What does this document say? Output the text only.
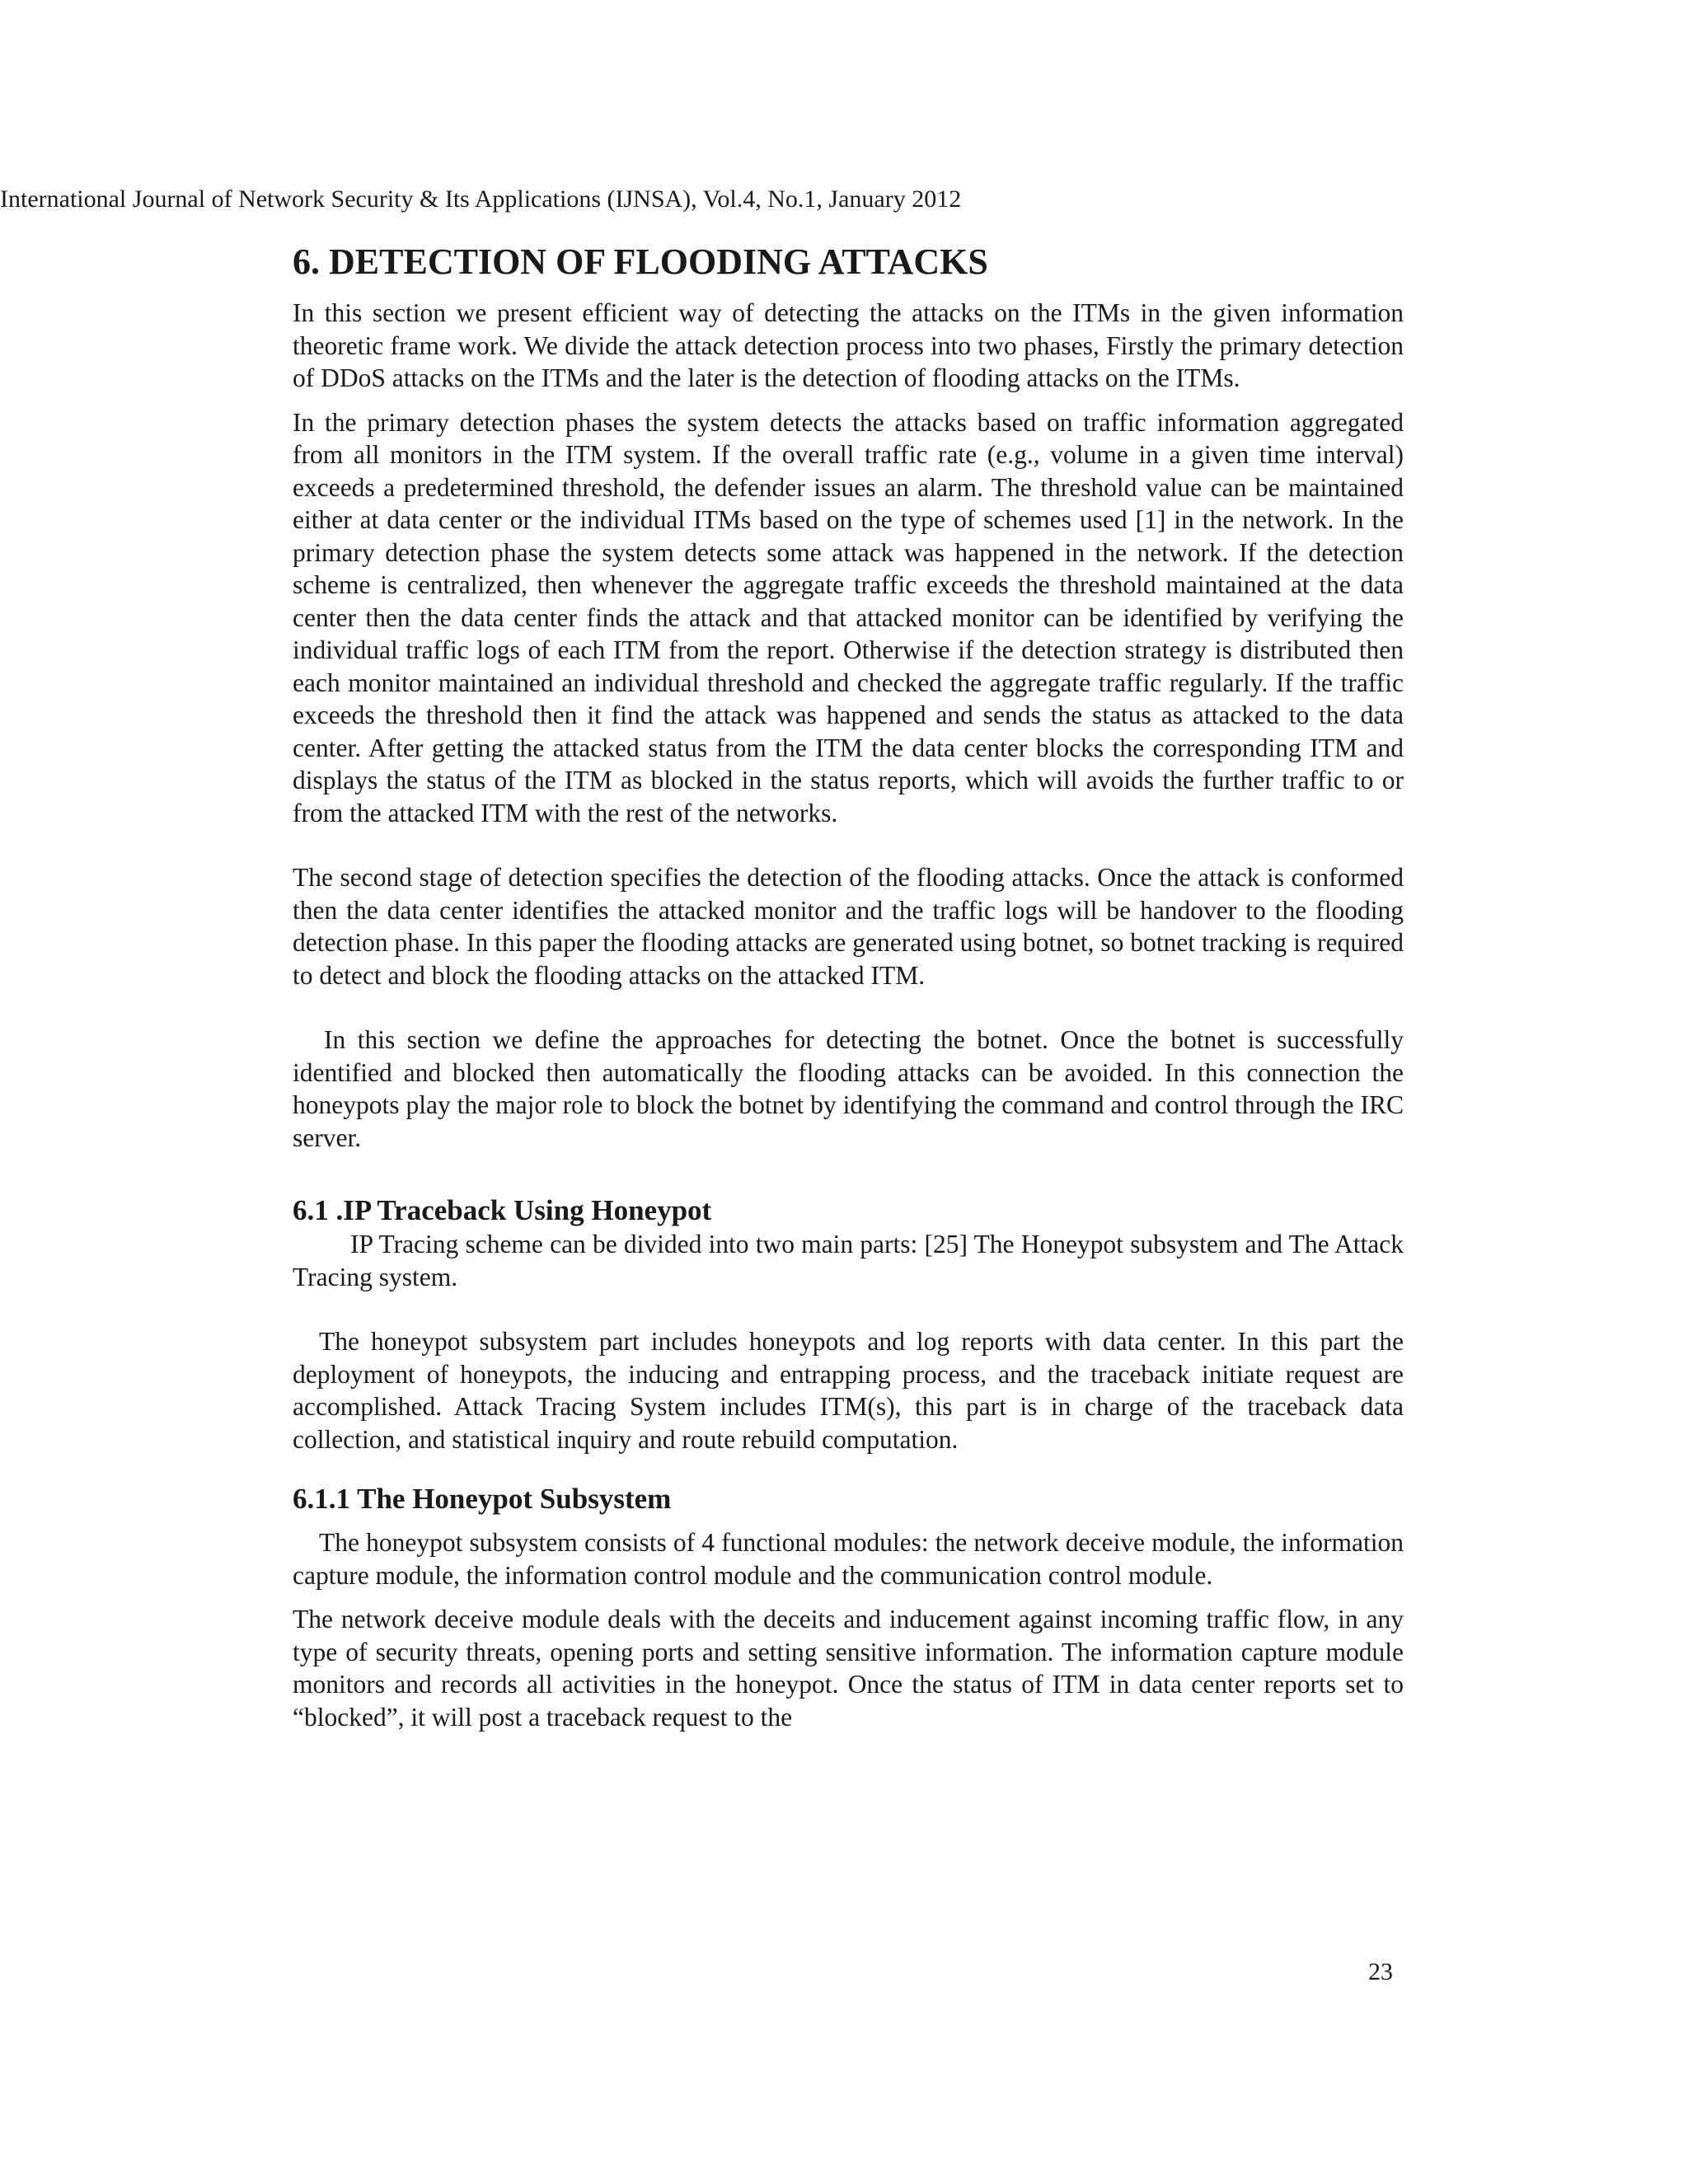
International Journal of Network Security & Its Applications (IJNSA), Vol.4, No.1, January 2012

6. DETECTION OF FLOODING ATTACKS

In this section we present efficient way of detecting the attacks on the ITMs in the given information theoretic frame work. We divide the attack detection process into two phases, Firstly the primary detection of DDoS attacks on the ITMs and the later is the detection of flooding attacks on the ITMs.

In the primary detection phases the system detects the attacks based on traffic information aggregated from all monitors in the ITM system. If the overall traffic rate (e.g., volume in a given time interval) exceeds a predetermined threshold, the defender issues an alarm. The threshold value can be maintained either at data center or the individual ITMs based on the type of schemes used [1] in the network. In the primary detection phase the system detects some attack was happened in the network. If the detection scheme is centralized, then whenever the aggregate traffic exceeds the threshold maintained at the data center then the data center finds the attack and that attacked monitor can be identified by verifying the individual traffic logs of each ITM from the report. Otherwise if the detection strategy is distributed then each monitor maintained an individual threshold and checked the aggregate traffic regularly. If the traffic exceeds the threshold then it find the attack was happened and sends the status as attacked to the data center. After getting the attacked status from the ITM the data center blocks the corresponding ITM and displays the status of the ITM as blocked in the status reports, which will avoids the further traffic to or from the attacked ITM with the rest of the networks.

The second stage of detection specifies the detection of the flooding attacks. Once the attack is conformed then the data center identifies the attacked monitor and the traffic logs will be handover to the flooding detection phase. In this paper the flooding attacks are generated using botnet, so botnet tracking is required to detect and block the flooding attacks on the attacked ITM.

In this section we define the approaches for detecting the botnet. Once the botnet is successfully identified and blocked then automatically the flooding attacks can be avoided. In this connection the honeypots play the major role to block the botnet by identifying the command and control through the IRC server.

6.1 .IP Traceback Using Honeypot

IP Tracing scheme can be divided into two main parts: [25] The Honeypot subsystem and The Attack Tracing system.

The honeypot subsystem part includes honeypots and log reports with data center. In this part the deployment of honeypots, the inducing and entrapping process, and the traceback initiate request are accomplished. Attack Tracing System includes ITM(s), this part is in charge of the traceback data collection, and statistical inquiry and route rebuild computation.

6.1.1 The Honeypot Subsystem

The honeypot subsystem consists of 4 functional modules: the network deceive module, the information capture module, the information control module and the communication control module.

The network deceive module deals with the deceits and inducement against incoming traffic flow, in any type of security threats, opening ports and setting sensitive information. The information capture module monitors and records all activities in the honeypot. Once the status of ITM in data center reports set to “blocked”, it will post a traceback request to the

23
